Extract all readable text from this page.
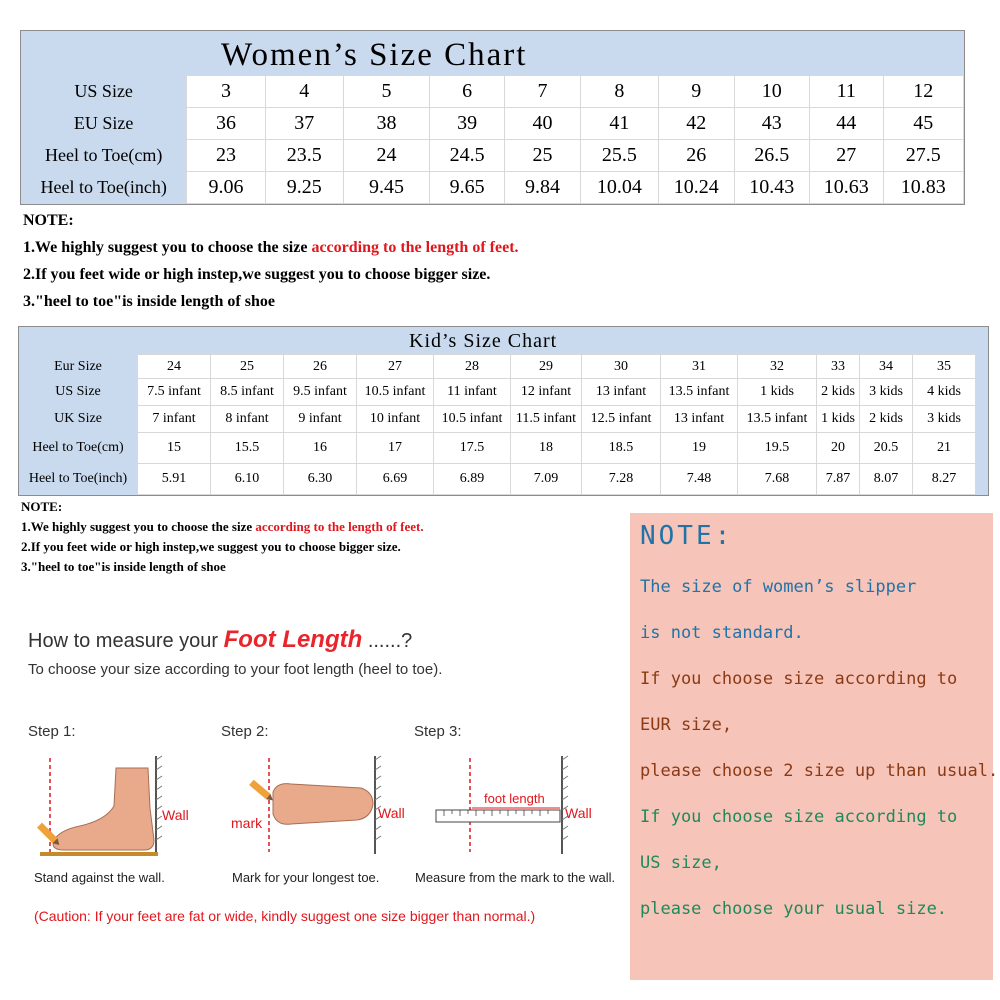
Women’s Size Chart
US Size	3	4	5	6	7	8	9	10	11	12
EU Size	36	37	38	39	40	41	42	43	44	45
Heel to Toe(cm)	23	23.5	24	24.5	25	25.5	26	26.5	27	27.5
Heel to Toe(inch)	9.06	9.25	9.45	9.65	9.84	10.04	10.24	10.43	10.63	10.83
NOTE:
1.We highly suggest you to choose the size according to the length of feet.
2.If you feet wide or high instep,we suggest you to choose bigger size.
3."heel to toe"is inside length of shoe
Kid’s Size Chart
Eur Size	24	25	26	27	28	29	30	31	32	33	34	35
US Size	7.5 infant	8.5 infant	9.5 infant	10.5 infant	11 infant	12 infant	13 infant	13.5 infant	1 kids	2 kids	3 kids	4 kids
UK Size	7 infant	8 infant	9 infant	10 infant	10.5 infant	11.5 infant	12.5 infant	13 infant	13.5 infant	1 kids	2 kids	3 kids
Heel to Toe(cm)	15	15.5	16	17	17.5	18	18.5	19	19.5	20	20.5	21
Heel to Toe(inch)	5.91	6.10	6.30	6.69	6.89	7.09	7.28	7.48	7.68	7.87	8.07	8.27
NOTE:
1.We highly suggest you to choose the size according to the length of feet.
2.If you feet wide or high instep,we suggest you to choose bigger size.
3."heel to toe"is inside length of shoe
NOTE:
The size of women’s slipper
is not standard.
If you choose size according to
EUR size,
please choose 2 size up than usual.
If you choose size according to
US size,
please choose your usual size.
How to measure your Foot Length ......?
To choose your size according to your foot length (heel to toe).
Step 1:	Step 2:	Step 3:
Wall
Stand against the wall.
mark
Wall
Mark for your longest toe.
foot length
Wall
Measure from the mark to the wall.
(Caution: If your feet are fat or wide, kindly suggest one size bigger than normal.)
